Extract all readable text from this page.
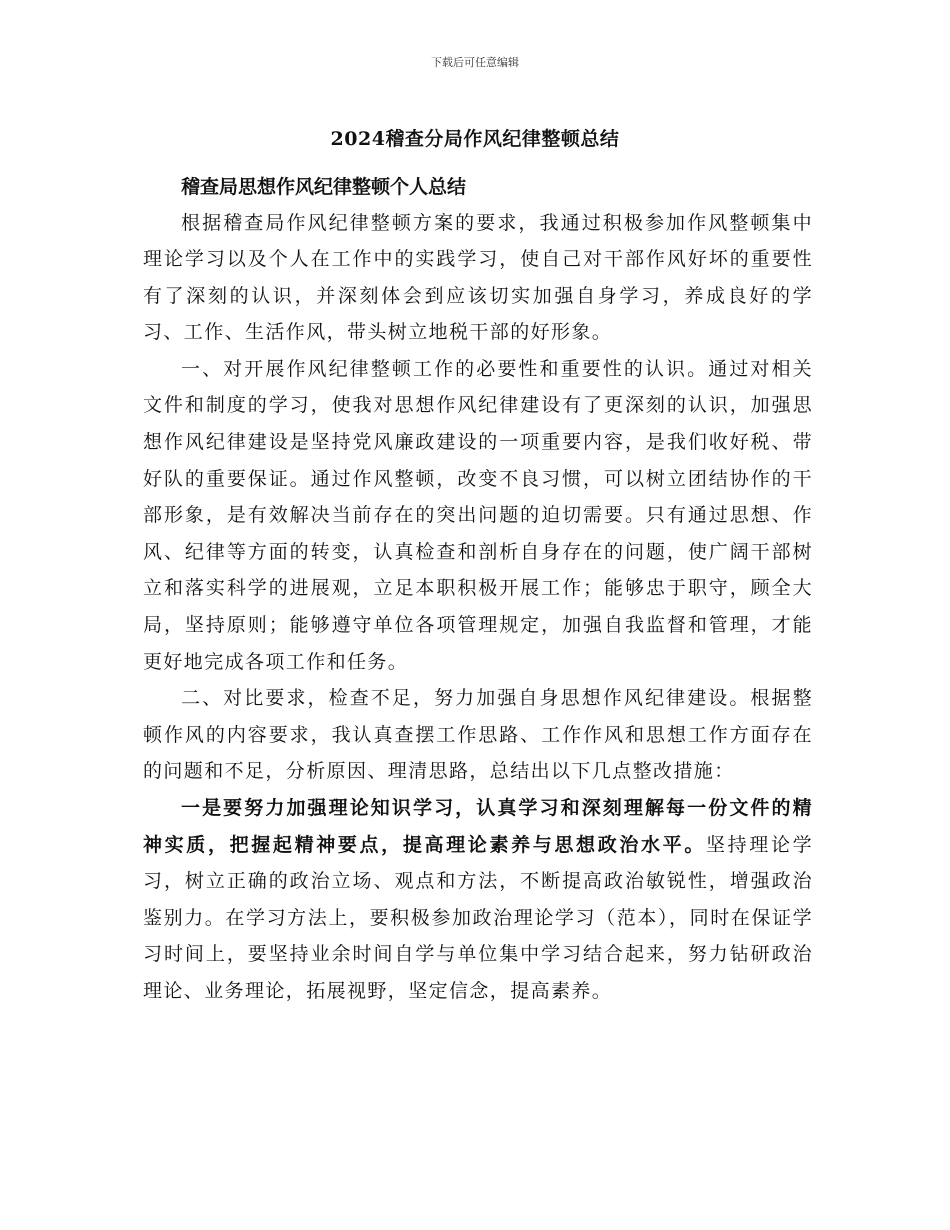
下载后可任意编辑
2024稽查分局作风纪律整顿总结

稽查局思想作风纪律整顿个人总结

根据稽查局作风纪律整顿方案的要求，我通过积极参加作风整顿集中理论学习以及个人在工作中的实践学习，使自己对干部作风好坏的重要性有了深刻的认识，并深刻体会到应该切实加强自身学习，养成良好的学习、工作、生活作风，带头树立地税干部的好形象。

一、对开展作风纪律整顿工作的必要性和重要性的认识。通过对相关文件和制度的学习，使我对思想作风纪律建设有了更深刻的认识，加强思想作风纪律建设是坚持党风廉政建设的一项重要内容，是我们收好税、带好队的重要保证。通过作风整顿，改变不良习惯，可以树立团结协作的干部形象，是有效解决当前存在的突出问题的迫切需要。只有通过思想、作风、纪律等方面的转变，认真检查和剖析自身存在的问题，使广阔干部树立和落实科学的进展观，立足本职积极开展工作；能够忠于职守，顾全大局，坚持原则；能够遵守单位各项管理规定，加强自我监督和管理，才能更好地完成各项工作和任务。

二、对比要求，检查不足，努力加强自身思想作风纪律建设。根据整顿作风的内容要求，我认真查摆工作思路、工作作风和思想工作方面存在的问题和不足，分析原因、理清思路，总结出以下几点整改措施：

一是要努力加强理论知识学习，认真学习和深刻理解每一份文件的精神实质，把握起精神要点，提高理论素养与思想政治水平。坚持理论学习，树立正确的政治立场、观点和方法，不断提高政治敏锐性，增强政治鉴别力。在学习方法上，要积极参加政治理论学习（范本），同时在保证学习时间上，要坚持业余时间自学与单位集中学习结合起来，努力钻研政治理论、业务理论，拓展视野，坚定信念，提高素养。
